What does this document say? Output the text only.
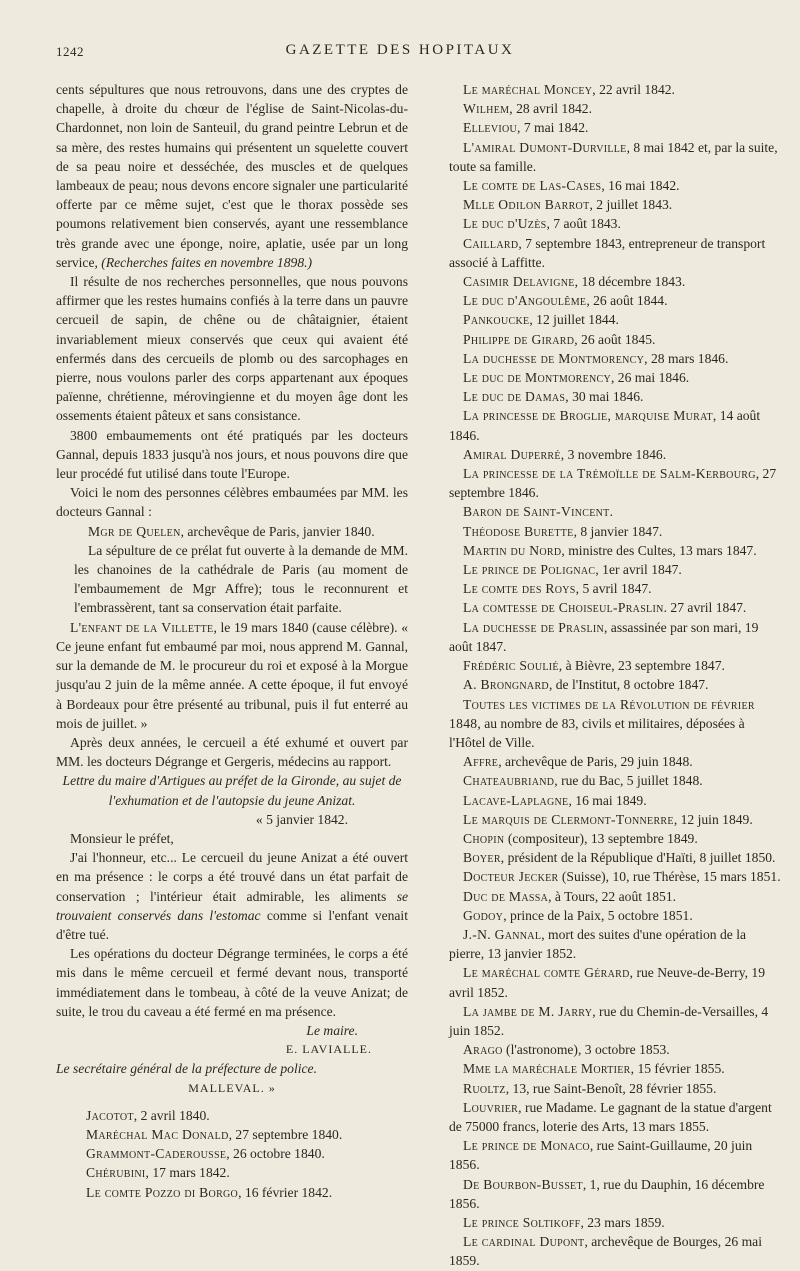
1242	GAZETTE DES HOPITAUX

cents sépultures que nous retrouvons, dans une des cryptes de chapelle, à droite du chœur de l'église de Saint-Nicolas-du-Chardonnet, non loin de Santeuil, du grand peintre Lebrun et de sa mère, des restes humains qui présentent un squelette couvert de sa peau noire et desséchée, des muscles et de quelques lambeaux de peau; nous devons encore signaler une particularité offerte par ce même sujet, c'est que le thorax possède ses poumons relativement bien conservés, ayant une ressemblance très grande avec une éponge, noire, aplatie, usée par un long service, (Recherches faites en novembre 1898.)

Il résulte de nos recherches personnelles, que nous pouvons affirmer que les restes humains confiés à la terre dans un pauvre cercueil de sapin, de chêne ou de châtaignier, étaient invariablement mieux conservés que ceux qui avaient été enfermés dans des cercueils de plomb ou des sarcophages en pierre, nous voulons parler des corps appartenant aux époques païenne, chrétienne, mérovingienne et du moyen âge dont les ossements étaient pâteux et sans consistance.

3800 embaumements ont été pratiqués par les docteurs Gannal, depuis 1833 jusqu'à nos jours, et nous pouvons dire que leur procédé fut utilisé dans toute l'Europe.

Voici le nom des personnes célèbres embaumées par MM. les docteurs Gannal :

Mgr de Quelen, archevêque de Paris, janvier 1840.

La sépulture de ce prélat fut ouverte à la demande de MM. les chanoines de la cathédrale de Paris (au moment de l'embaumement de Mgr Affre); tous le reconnurent et l'embrassèrent, tant sa conservation était parfaite.

L'enfant de la Villette, le 19 mars 1840 (cause célèbre). « Ce jeune enfant fut embaumé par moi, nous apprend M. Gannal, sur la demande de M. le procureur du roi et exposé à la Morgue jusqu'au 2 juin de la même année. A cette époque, il fut envoyé à Bordeaux pour être présenté au tribunal, puis il fut enterré au mois de juillet. »

Après deux années, le cercueil a été exhumé et ouvert par MM. les docteurs Dégrange et Gergeris, médecins au rapport.

Lettre du maire d'Artigues au préfet de la Gironde, au sujet de l'exhumation et de l'autopsie du jeune Anizat.

« 5 janvier 1842.

Monsieur le préfet,

J'ai l'honneur, etc... Le cercueil du jeune Anizat a été ouvert en ma présence : le corps a été trouvé dans un état parfait de conservation ; l'intérieur était admirable, les aliments se trouvaient conservés dans l'estomac comme si l'enfant venait d'être tué.

Les opérations du docteur Dégrange terminées, le corps a été mis dans le même cercueil et fermé devant nous, transporté immédiatement dans le tombeau, à côté de la veuve Anizat; de suite, le trou du caveau a été fermé en ma présence.

Le maire.

E. LAVIALLE.

Le secrétaire général de la préfecture de police.

MALLEVAL. »

Jacotot, 2 avril 1840.

Maréchal Mac Donald, 27 septembre 1840.

Grammont-Caderousse, 26 octobre 1840.

Chérubini, 17 mars 1842.

Le comte Pozzo di Borgo, 16 février 1842.

Le maréchal Moncey, 22 avril 1842.

Wilhem, 28 avril 1842.

Elleviou, 7 mai 1842.

L'amiral Dumont-Durville, 8 mai 1842 et, par la suite, toute sa famille.

Le comte de Las-Cases, 16 mai 1842.

Mlle Odilon Barrot, 2 juillet 1843.

Le duc d'Uzès, 7 août 1843.

Caillard, 7 septembre 1843, entrepreneur de transport associé à Laffitte.

Casimir Delavigne, 18 décembre 1843.

Le duc d'Angoulême, 26 août 1844.

Pankoucke, 12 juillet 1844.

Philippe de Girard, 26 août 1845.

La duchesse de Montmorency, 28 mars 1846.

Le duc de Montmorency, 26 mai 1846.

Le duc de Damas, 30 mai 1846.

La princesse de Broglie, marquise Murat, 14 août 1846.

Amiral Duperré, 3 novembre 1846.

La princesse de la Trémoïlle de Salm-Kerbourg, 27 septembre 1846.

Baron de Saint-Vincent.

Théodose Burette, 8 janvier 1847.

Martin du Nord, ministre des Cultes, 13 mars 1847.

Le prince de Polignac, 1er avril 1847.

Le comte des Roys, 5 avril 1847.

La comtesse de Choiseul-Praslin. 27 avril 1847.

La duchesse de Praslin, assassinée par son mari, 19 août 1847.

Frédéric Soulié, à Bièvre, 23 septembre 1847.

A. Brongnard, de l'Institut, 8 octobre 1847.

Toutes les victimes de la Révolution de février 1848, au nombre de 83, civils et militaires, déposées à l'Hôtel de Ville.

Affre, archevêque de Paris, 29 juin 1848.

Chateaubriand, rue du Bac, 5 juillet 1848.

Lacave-Laplagne, 16 mai 1849.

Le marquis de Clermont-Tonnerre, 12 juin 1849.

Chopin (compositeur), 13 septembre 1849.

Boyer, président de la République d'Haïti, 8 juillet 1850.

Docteur Jecker (Suisse), 10, rue Thérèse, 15 mars 1851.

Duc de Massa, à Tours, 22 août 1851.

Godoy, prince de la Paix, 5 octobre 1851.

J.-N. Gannal, mort des suites d'une opération de la pierre, 13 janvier 1852.

Le maréchal comte Gérard, rue Neuve-de-Berry, 19 avril 1852.

La jambe de M. Jarry, rue du Chemin-de-Versailles, 4 juin 1852.

Arago (l'astronome), 3 octobre 1853.

Mme la maréchale Mortier, 15 février 1855.

Ruoltz, 13, rue Saint-Benoît, 28 février 1855.

Louvrier, rue Madame. Le gagnant de la statue d'argent de 75000 francs, loterie des Arts, 13 mars 1855.

Le prince de Monaco, rue Saint-Guillaume, 20 juin 1856.

De Bourbon-Busset, 1, rue du Dauphin, 16 décembre 1856.

Le prince Soltikoff, 23 mars 1859.

Le cardinal Dupont, archevêque de Bourges, 26 mai 1859.
